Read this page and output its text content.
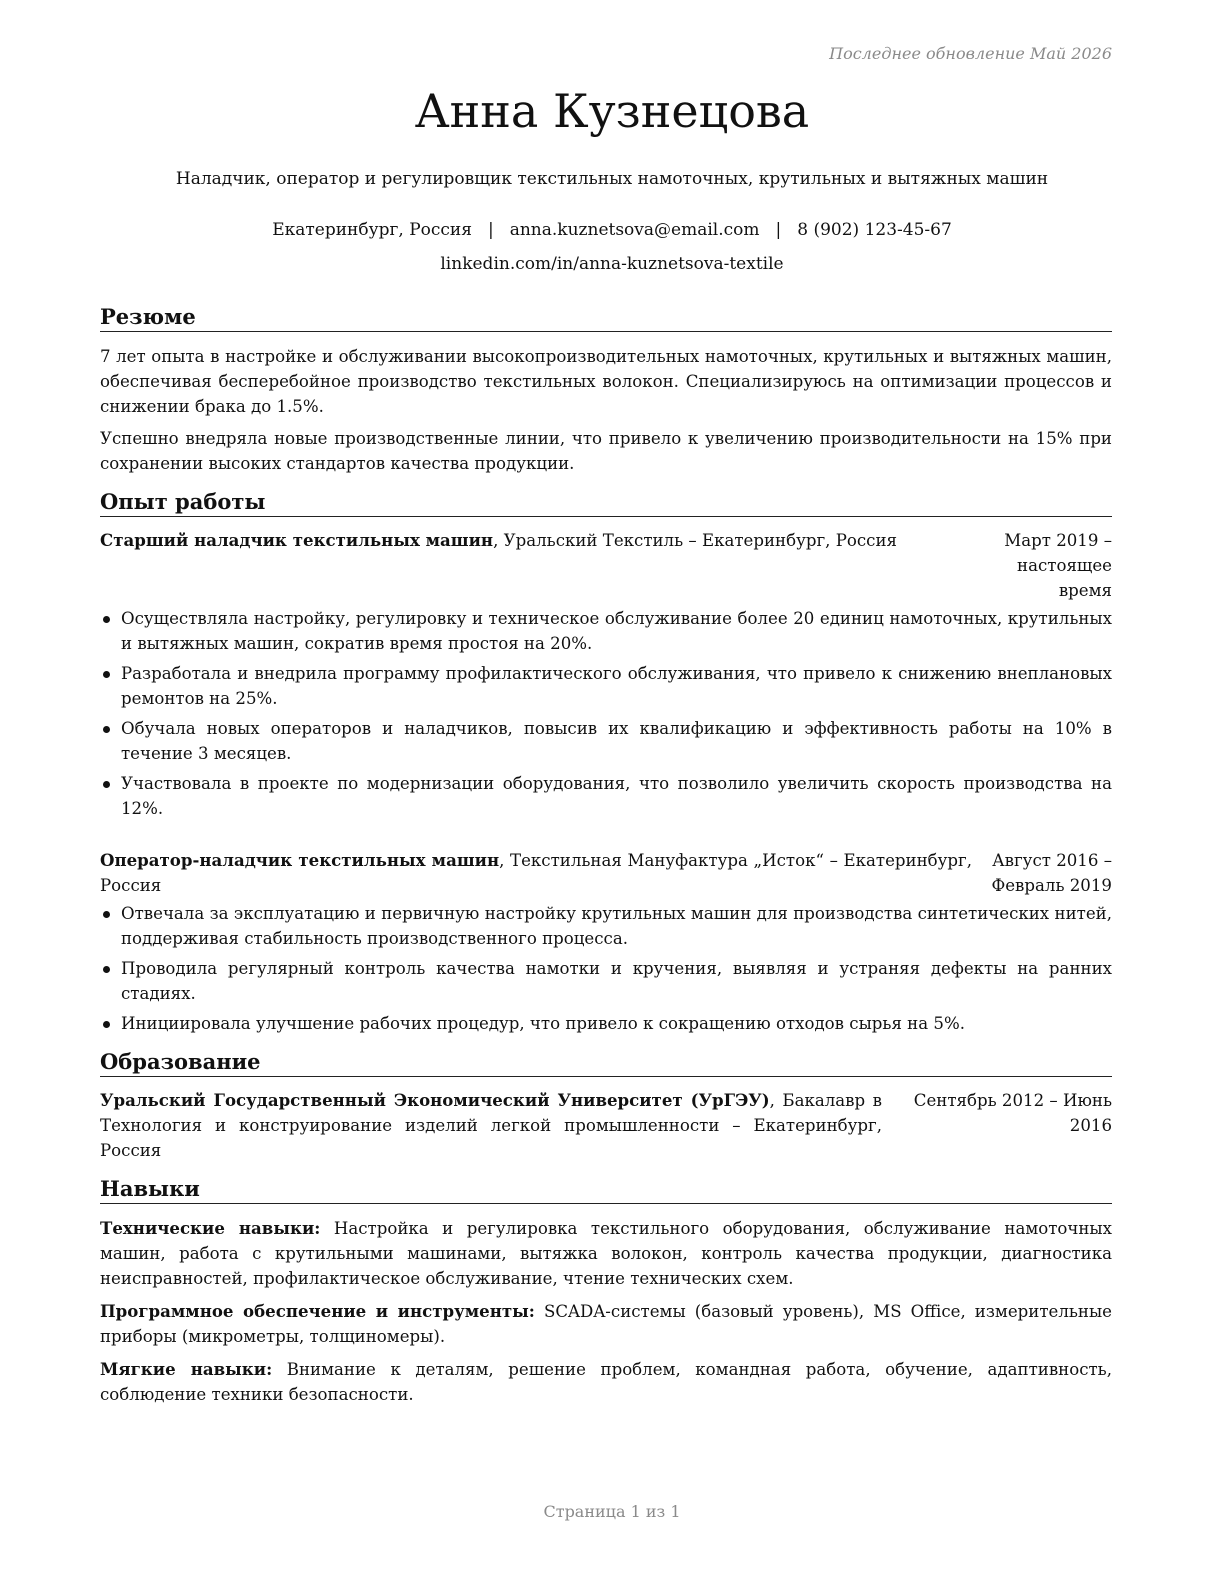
Последнее обновление Май 2026
Анна Кузнецова
Наладчик, оператор и регулировщик текстильных намоточных, крутильных и вытяжных машин
Екатеринбург, Россия | anna.kuznetsova@email.com | 8 (902) 123-45-67
linkedin.com/in/anna-kuznetsova-textile
Резюме

7 лет опыта в настройке и обслуживании высокопроизводительных намоточных, крутильных и вытяжных машин, обеспечивая бесперебойное производство текстильных волокон. Специализируюсь на оптимизации процессов и снижении брака до 1.5%.

Успешно внедряла новые производственные линии, что привело к увеличению производительности на 15% при сохранении высоких стандартов качества продукции.

Опыт работы
Старший наладчик текстильных машин, Уральский Текстиль – Екатеринбург, Россия	Март 2019 – настоящее время
Осуществляла настройку, регулировку и техническое обслуживание более 20 единиц намоточных, крутильных и вытяжных машин, сократив время простоя на 20%.
Разработала и внедрила программу профилактического обслуживания, что привело к снижению внеплановых ремонтов на 25%.
Обучала новых операторов и наладчиков, повысив их квалификацию и эффективность работы на 10% в течение 3 месяцев.
Участвовала в проекте по модернизации оборудования, что позволило увеличить скорость производства на 12%.
Оператор-наладчик текстильных машин, Текстильная Мануфактура „Исток“ – Екатеринбург, Россия
Август 2016 – Февраль 2019
Отвечала за эксплуатацию и первичную настройку крутильных машин для производства синтетических нитей, поддерживая стабильность производственного процесса.
Проводила регулярный контроль качества намотки и кручения, выявляя и устраняя дефекты на ранних стадиях.
Инициировала улучшение рабочих процедур, что привело к сокращению отходов сырья на 5%.
Образование
Уральский Государственный Экономический Университет (УрГЭУ), Бакалавр в Технология и конструирование изделий легкой промышленности – Екатеринбург, Россия
Сентябрь 2012 – Июнь 2016
Навыки

Технические навыки: Настройка и регулировка текстильного оборудования, обслуживание намоточных машин, работа с крутильными машинами, вытяжка волокон, контроль качества продукции, диагностика неисправностей, профилактическое обслуживание, чтение технических схем.

Программное обеспечение и инструменты: SCADA-системы (базовый уровень), MS Office, измерительные приборы (микрометры, толщиномеры).

Мягкие навыки: Внимание к деталям, решение проблем, командная работа, обучение, адаптивность, соблюдение техники безопасности.

Страница 1 из 1
